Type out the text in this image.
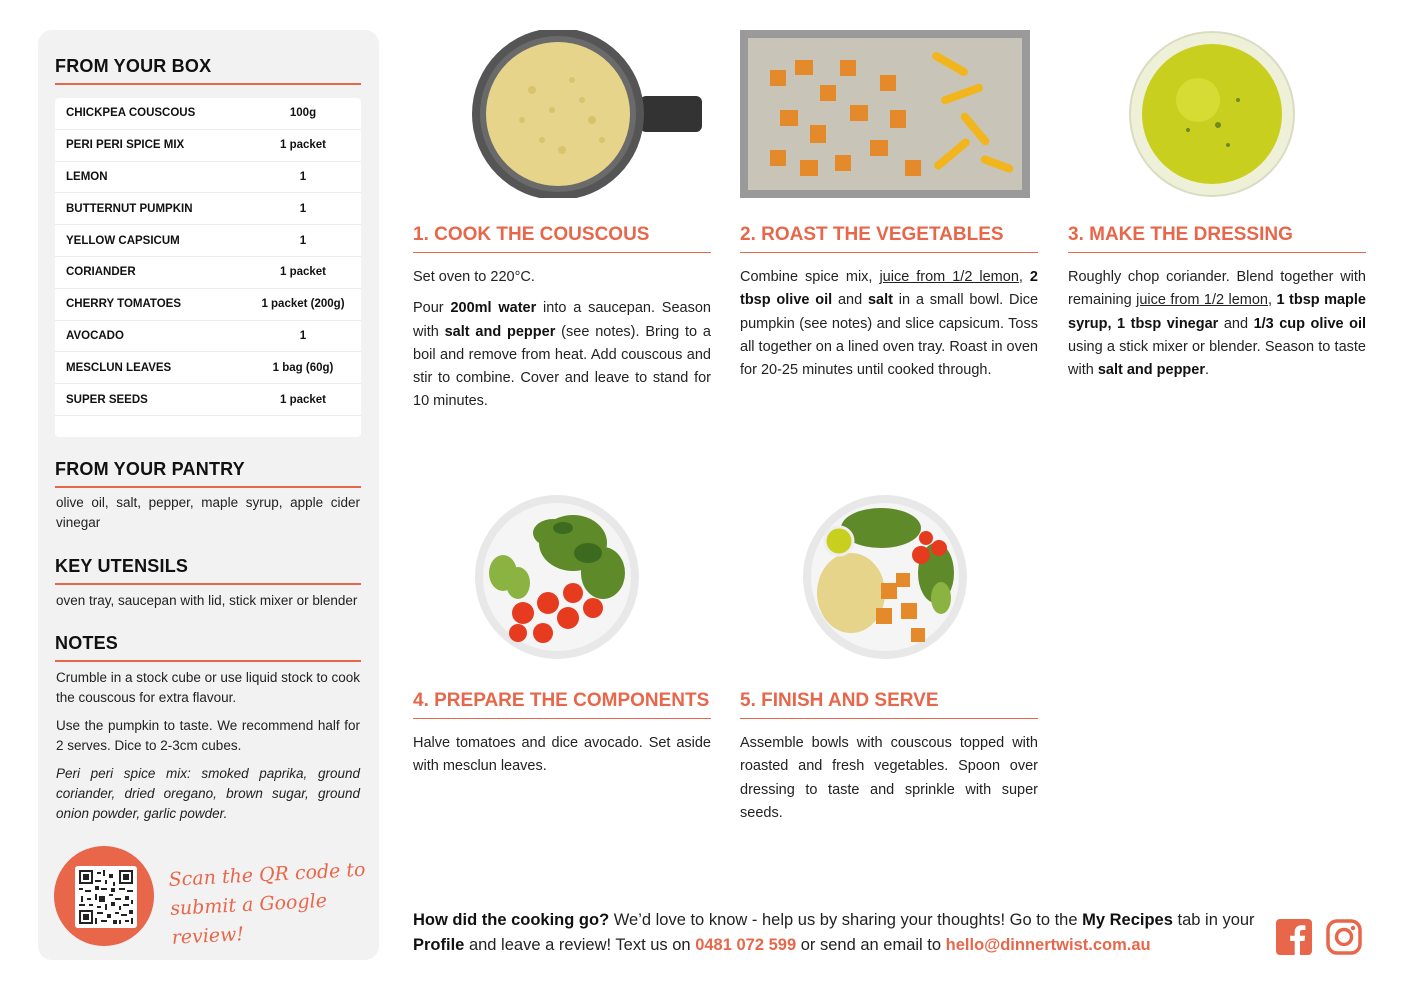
FROM YOUR BOX
CHICKPEA COUSCOUS	100g
PERI PERI SPICE MIX	1 packet
LEMON	1
BUTTERNUT PUMPKIN	1
YELLOW CAPSICUM	1
CORIANDER	1 packet
CHERRY TOMATOES	1 packet (200g)
AVOCADO	1
MESCLUN LEAVES	1 bag (60g)
SUPER SEEDS	1 packet
FROM YOUR PANTRY
olive oil, salt, pepper, maple syrup, apple cider vinegar
KEY UTENSILS
oven tray, saucepan with lid, stick mixer or blender
NOTES
Crumble in a stock cube or use liquid stock to cook the couscous for extra flavour.
Use the pumpkin to taste. We recommend half for 2 serves. Dice to 2-3cm cubes.
Peri peri spice mix: smoked paprika, ground coriander, dried oregano, brown sugar, ground onion powder, garlic powder.
Scan the QR code to
submit a Google review!
1. COOK THE COUSCOUS

Set oven to 220°C.

Pour 200ml water into a saucepan. Season with salt and pepper (see notes). Bring to a boil and remove from heat. Add couscous and stir to combine. Cover and leave to stand for 10 minutes.

2. ROAST THE VEGETABLES

Combine spice mix, juice from 1/2 lemon, 2 tbsp olive oil and salt in a small bowl. Dice pumpkin (see notes) and slice capsicum. Toss all together on a lined oven tray. Roast in oven for 20-25 minutes until cooked through.

3. MAKE THE DRESSING

Roughly chop coriander. Blend together with remaining juice from 1/2 lemon, 1 tbsp maple syrup, 1 tbsp vinegar and 1/3 cup olive oil using a stick mixer or blender. Season to taste with salt and pepper.

4. PREPARE THE COMPONENTS

Halve tomatoes and dice avocado. Set aside with mesclun leaves.

5. FINISH AND SERVE

Assemble bowls with couscous topped with roasted and fresh vegetables. Spoon over dressing to taste and sprinkle with super seeds.

How did the cooking go? We’d love to know - help us by sharing your thoughts! Go to the My Recipes tab in your Profile and leave a review! Text us on 0481 072 599 or send an email to hello@dinnertwist.com.au
